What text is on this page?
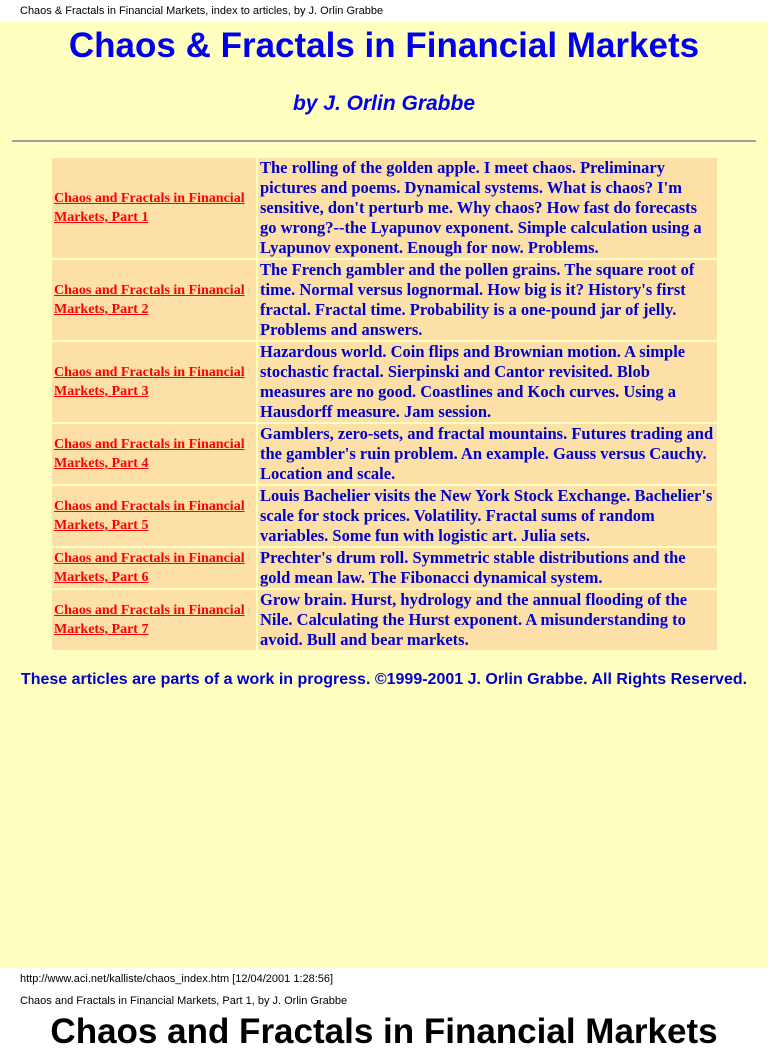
Chaos & Fractals in Financial Markets, index to articles, by J. Orlin Grabbe
Chaos & Fractals in Financial Markets
by J. Orlin Grabbe
Chaos and Fractals in Financial Markets, Part 1	The rolling of the golden apple. I meet chaos. Preliminary pictures and poems. Dynamical systems. What is chaos? I'm sensitive, don't perturb me. Why chaos? How fast do forecasts go wrong?--the Lyapunov exponent. Simple calculation using a Lyapunov exponent. Enough for now. Problems.

Chaos and Fractals in Financial Markets, Part 2	The French gambler and the pollen grains. The square root of time. Normal versus lognormal. How big is it? History's first fractal. Fractal time. Probability is a one-pound jar of jelly. Problems and answers.

Chaos and Fractals in Financial Markets, Part 3	Hazardous world. Coin flips and Brownian motion. A simple stochastic fractal. Sierpinski and Cantor revisited. Blob measures are no good. Coastlines and Koch curves. Using a Hausdorff measure. Jam session.

Chaos and Fractals in Financial Markets, Part 4	Gamblers, zero-sets, and fractal mountains. Futures trading and the gambler's ruin problem. An example. Gauss versus Cauchy. Location and scale.

Chaos and Fractals in Financial Markets, Part 5	Louis Bachelier visits the New York Stock Exchange. Bachelier's scale for stock prices. Volatility. Fractal sums of random variables. Some fun with logistic art. Julia sets.

Chaos and Fractals in Financial Markets, Part 6	Prechter's drum roll. Symmetric stable distributions and the gold mean law. The Fibonacci dynamical system.

Chaos and Fractals in Financial Markets, Part 7	Grow brain. Hurst, hydrology and the annual flooding of the Nile. Calculating the Hurst exponent. A misunderstanding to avoid. Bull and bear markets.
These articles are parts of a work in progress. ©1999-2001 J. Orlin Grabbe. All Rights Reserved.
http://www.aci.net/kalliste/chaos_index.htm [12/04/2001 1:28:56]
Chaos and Fractals in Financial Markets, Part 1, by J. Orlin Grabbe
Chaos and Fractals in Financial Markets
